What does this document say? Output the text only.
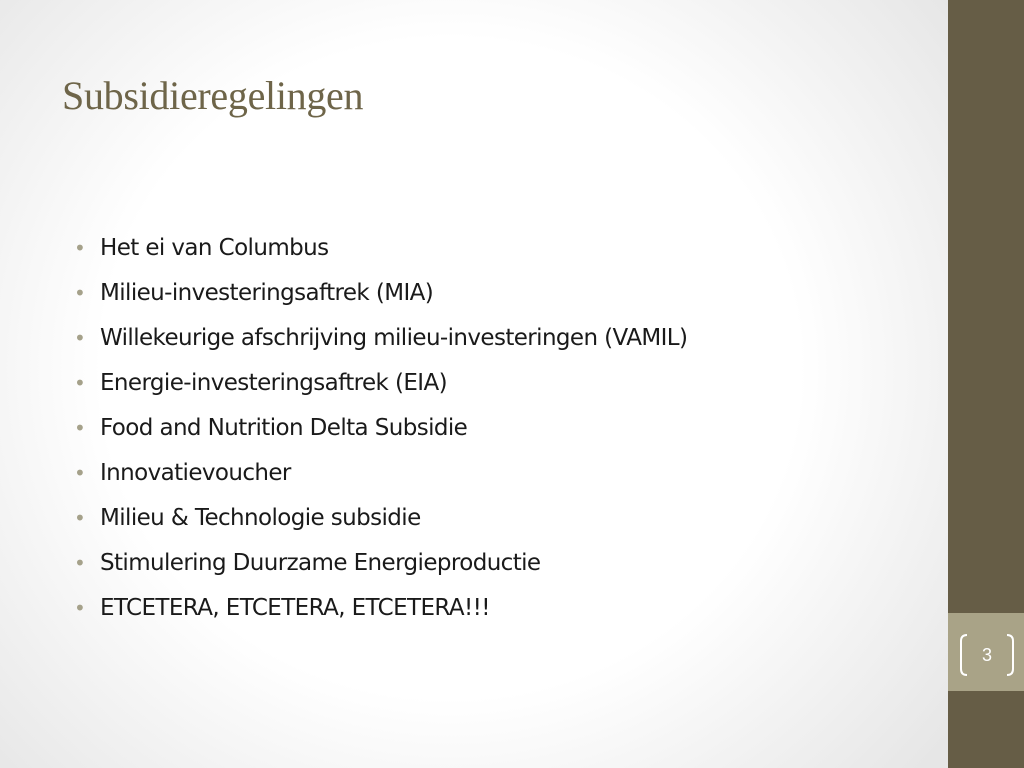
Subsidieregelingen
• Het ei van Columbus
• Milieu-investeringsaftrek (MIA)
• Willekeurige afschrijving milieu-investeringen (VAMIL)
• Energie-investeringsaftrek (EIA)
• Food and Nutrition Delta Subsidie
• Innovatievoucher
• Milieu & Technologie subsidie
• Stimulering Duurzame Energieproductie
• ETCETERA, ETCETERA, ETCETERA!!!
3
